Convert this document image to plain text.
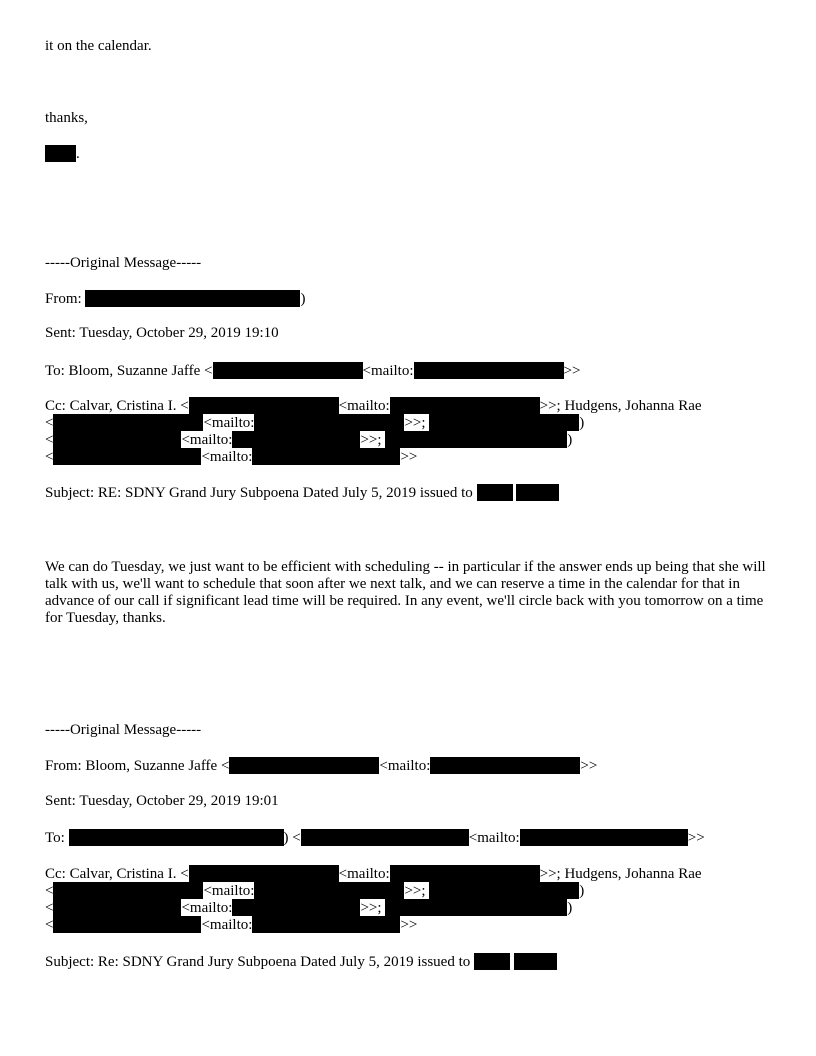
it on the calendar.
thanks,
.
-----Original Message-----
From:	)
Sent: Tuesday, October 29, 2019 19:10
To: Bloom, Suzanne Jaffe <	<mailto:	>>
Cc: Calvar, Cristina I. <	<mailto:	>>; Hudgens, Johanna Rae
<	<mailto:	>>;	)
<	<mailto:	>>;	)
<	<mailto:	>>
Subject: RE: SDNY Grand Jury Subpoena Dated July 5, 2019 issued to
We can do Tuesday, we just want to be efficient with scheduling -- in particular if the answer ends up being that she will talk with us, we'll want to schedule that soon after we next talk, and we can reserve a time in the calendar for that in advance of our call if significant lead time will be required. In any event, we'll circle back with you tomorrow on a time for Tuesday, thanks.
-----Original Message-----
From: Bloom, Suzanne Jaffe <	<mailto:	>>
Sent: Tuesday, October 29, 2019 19:01
To:	) <	<mailto:	>>
Cc: Calvar, Cristina I. <	<mailto:	>>; Hudgens, Johanna Rae
<	<mailto:	>>;	)
<	<mailto:	>>;	)
<	<mailto:	>>
Subject: Re: SDNY Grand Jury Subpoena Dated July 5, 2019 issued to
